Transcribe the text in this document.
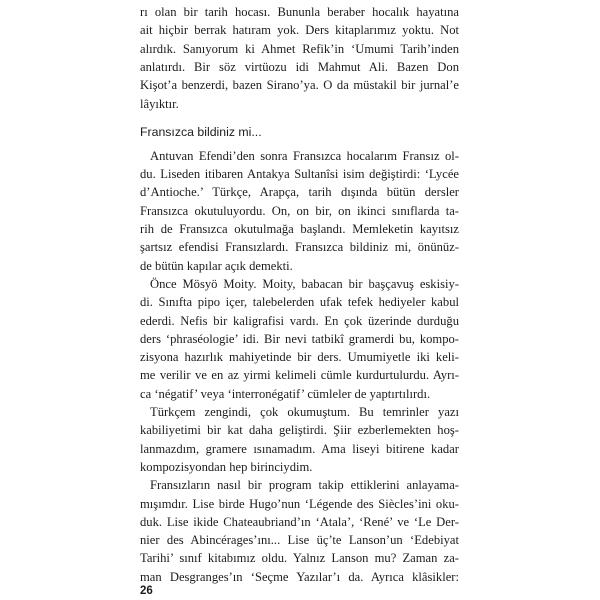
rı olan bir tarih hocası. Bununla beraber hocalık hayatına
ait hiçbir berrak hatıram yok. Ders kitaplarımız yoktu. Not
alırdık. Sanıyorum ki Ahmet Refik’in ‘Umumi Tarih’inden
anlatırdı. Bir söz virtüozu idi Mahmut Ali. Bazen Don
Kişot’a benzerdi, bazen Sirano’ya. O da müstakil bir jurnal’e
lâyıktır.
Fransızca bildiniz mi...
Antuvan Efendi’den sonra Fransızca hocalarım Fransız ol-
du. Liseden itibaren Antakya Sultanîsi isim değiştirdi: ‘Lycée
d’Antioche.’ Türkçe, Arapça, tarih dışında bütün dersler
Fransızca okutuluyordu. On, on bir, on ikinci sınıflarda ta-
rih de Fransızca okutulmağa başlandı. Memleketin kayıtsız
şartsız efendisi Fransızlardı. Fransızca bildiniz mi, önünüz-
de bütün kapılar açık demekti.
Önce Mösyö Moity. Moity, babacan bir başçavuş eskisiy-
di. Sınıfta pipo içer, talebelerden ufak tefek hediyeler kabul
ederdi. Nefis bir kaligrafisi vardı. En çok üzerinde durduğu
ders ‘phraséologie’ idi. Bir nevi tatbikî gramerdi bu, kompo-
zisyona hazırlık mahiyetinde bir ders. Umumiyetle iki keli-
me verilir ve en az yirmi kelimeli cümle kurdurtulurdu. Ayrı-
ca ‘négatif’ veya ‘interronégatif’ cümleler de yaptırtılırdı.
Türkçem zengindi, çok okumuştum. Bu temrinler yazı
kabiliyetimi bir kat daha geliştirdi. Şiir ezberlemekten hoş-
lanmazdım, gramere ısınamadım. Ama liseyi bitirene kadar
kompozisyondan hep birinciydim.
Fransızların nasıl bir program takip ettiklerini anlayama-
mışımdır. Lise birde Hugo’nun ‘Légende des Siècles’ini oku-
duk. Lise ikide Chateaubriand’ın ‘Atala’, ‘René’ ve ‘Le Der-
nier des Abincérages’ını... Lise üç’te Lanson’un ‘Edebiyat
Tarihi’ sınıf kitabımız oldu. Yalnız Lanson mu? Zaman za-
man Desgranges’ın ‘Seçme Yazılar’ı da. Ayrıca klâsikler:
26
